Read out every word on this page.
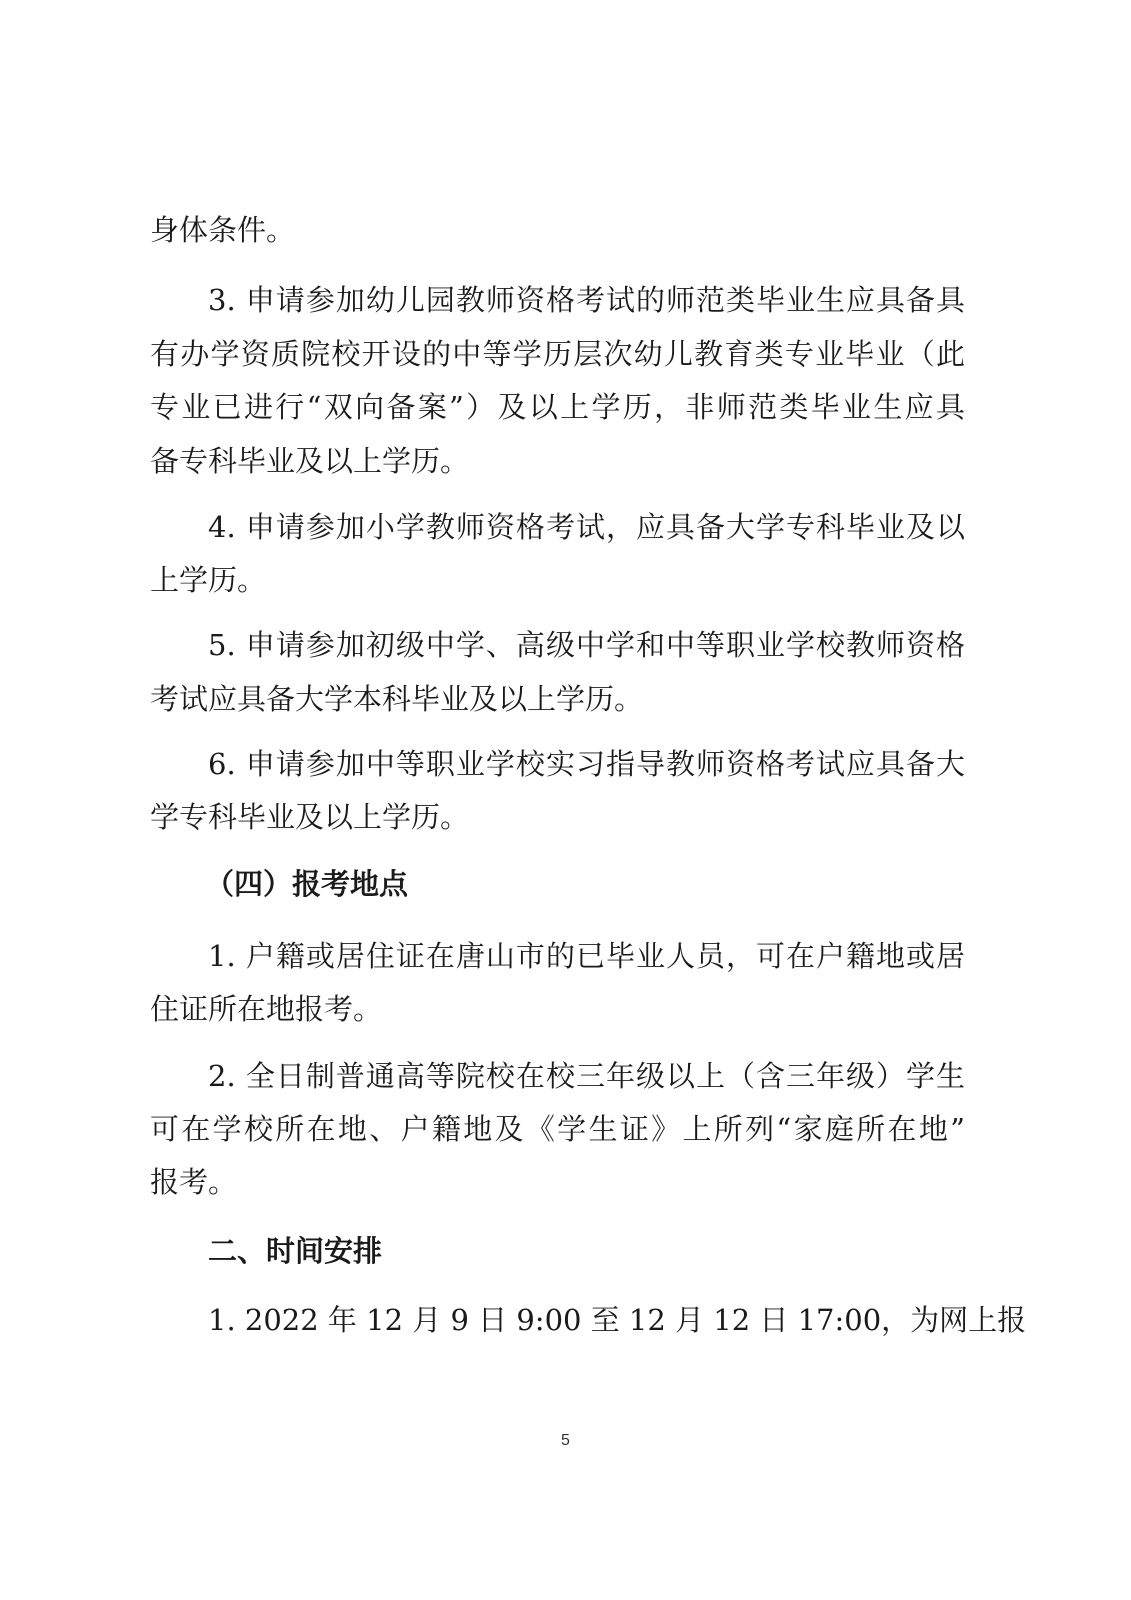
身体条件。
3. 申请参加幼儿园教师资格考试的师范类毕业生应具备具
有办学资质院校开设的中等学历层次幼儿教育类专业毕业（此
专业已进行“双向备案”）及以上学历，非师范类毕业生应具
备专科毕业及以上学历。
4. 申请参加小学教师资格考试，应具备大学专科毕业及以
上学历。
5. 申请参加初级中学、高级中学和中等职业学校教师资格
考试应具备大学本科毕业及以上学历。
6. 申请参加中等职业学校实习指导教师资格考试应具备大
学专科毕业及以上学历。
（四）报考地点
1. 户籍或居住证在唐山市的已毕业人员，可在户籍地或居
住证所在地报考。
2. 全日制普通高等院校在校三年级以上（含三年级）学生
可在学校所在地、户籍地及《学生证》上所列“家庭所在地”
报考。
二、时间安排
1. 2022 年 12 月 9 日 9:00 至 12 月 12 日 17:00，为网上报
5
